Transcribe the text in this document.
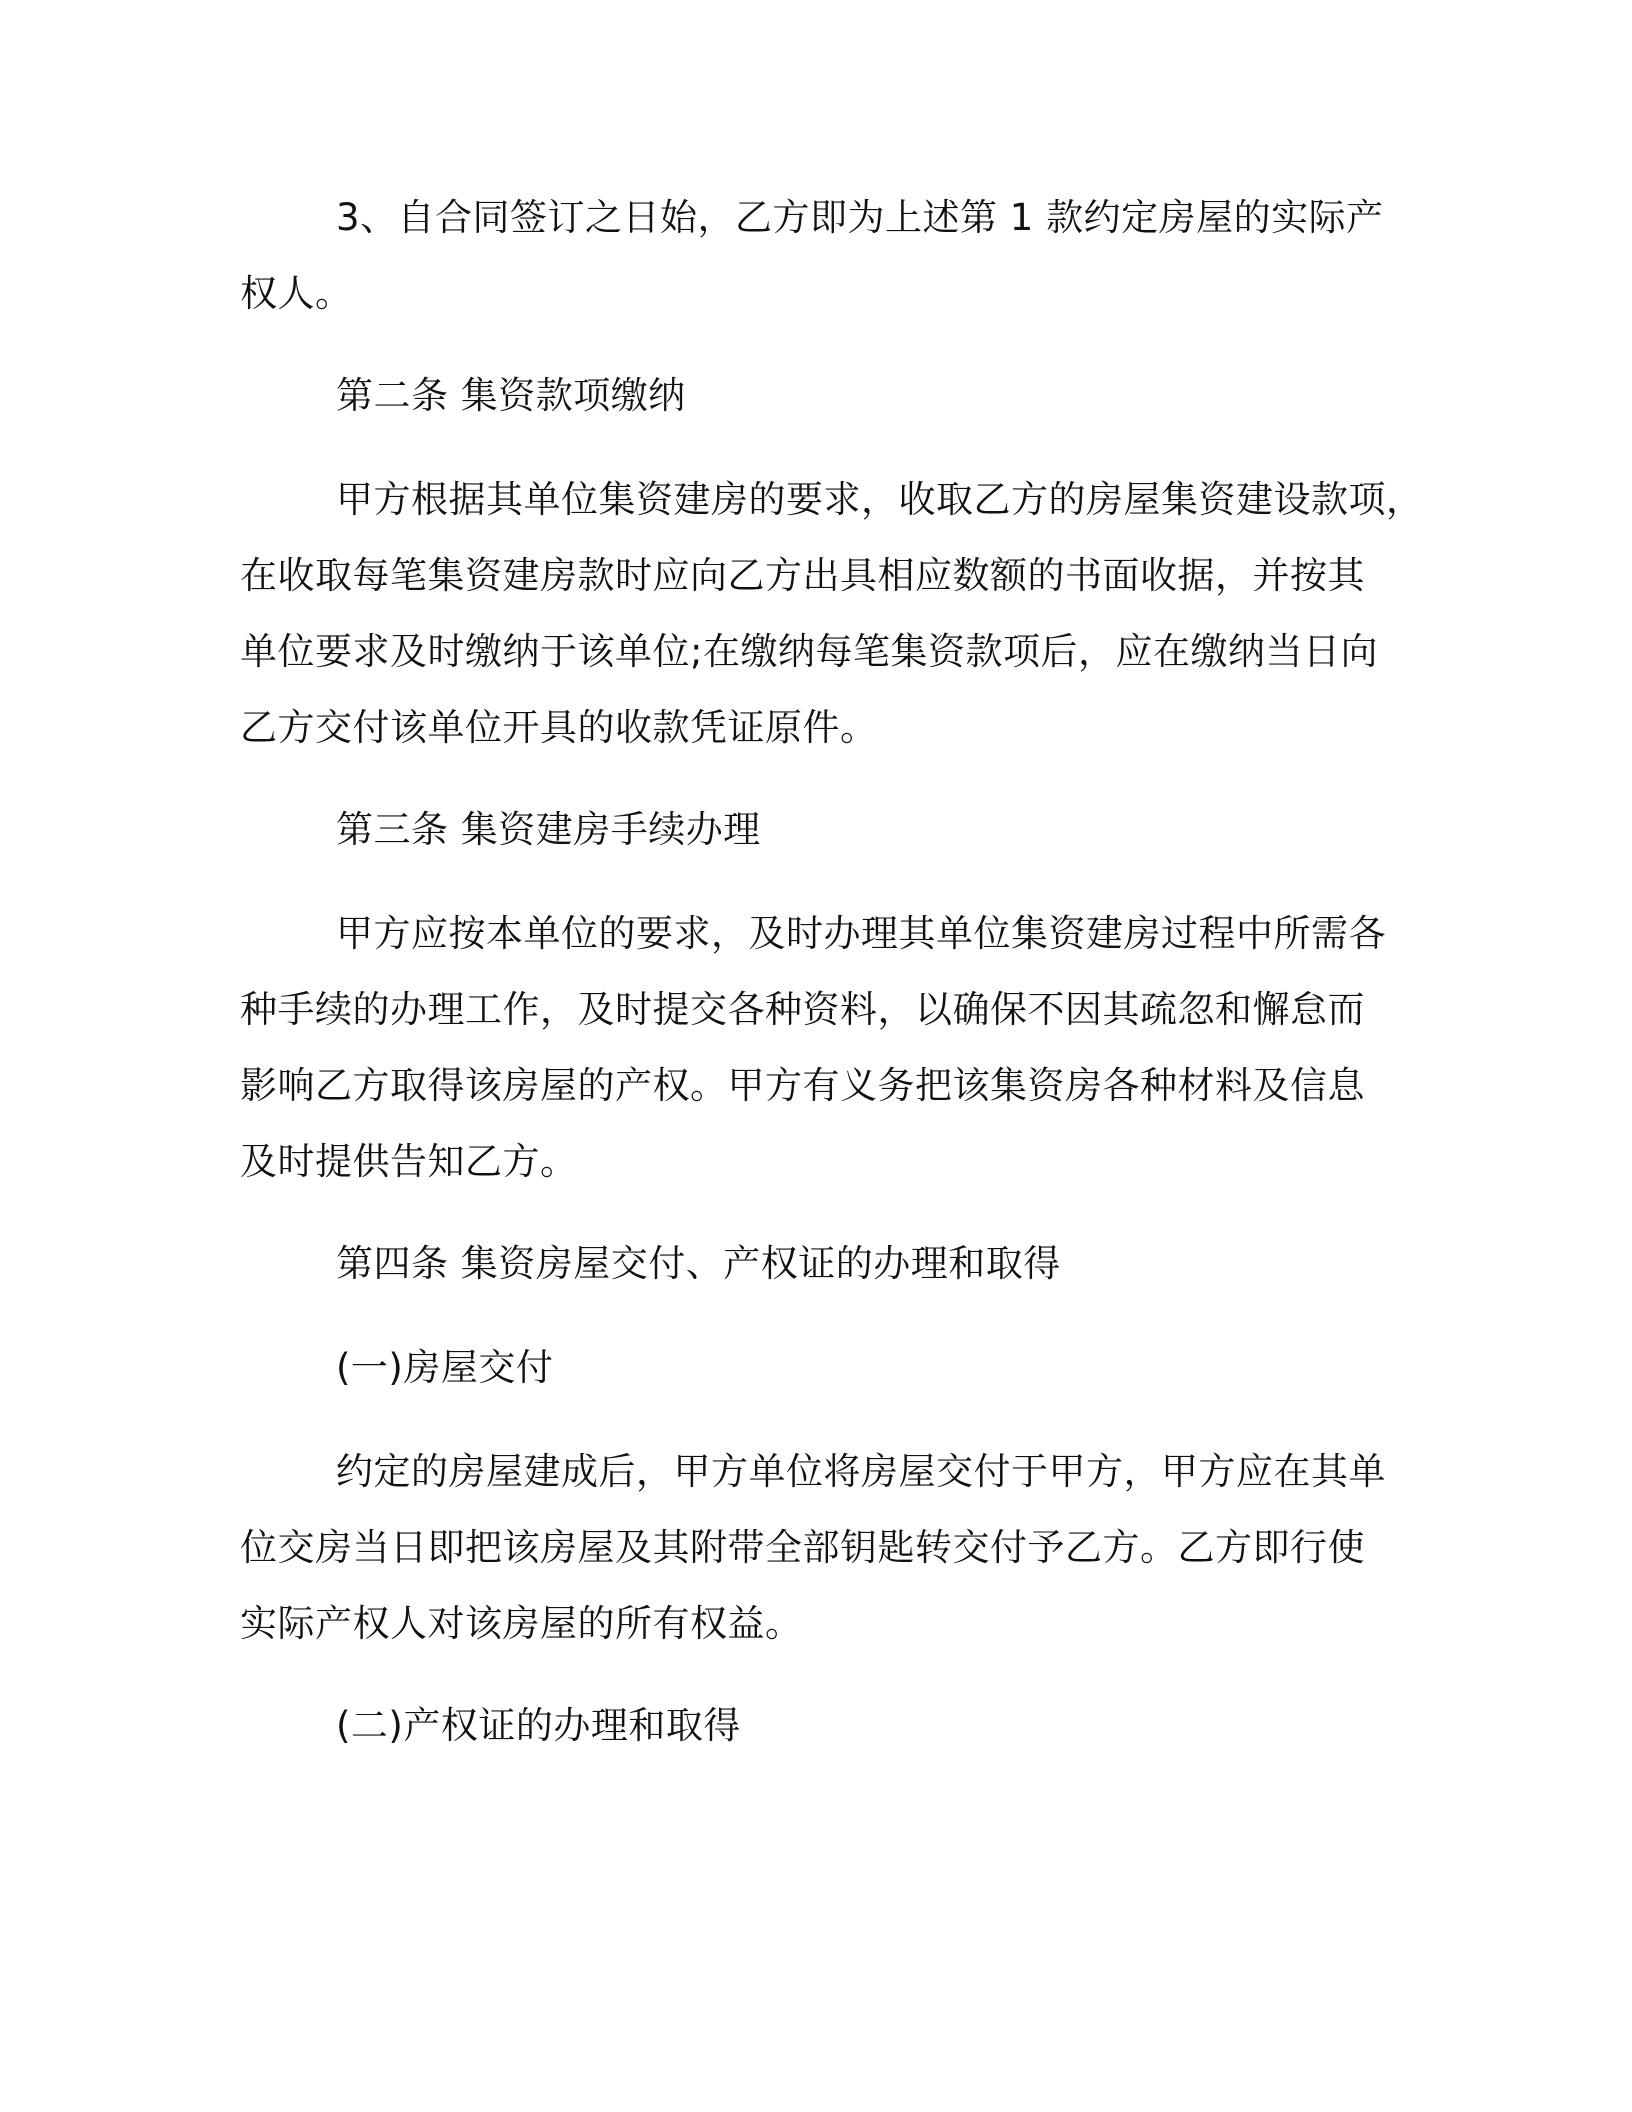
3、自合同签订之日始，乙方即为上述第 1 款约定房屋的实际产
权人。
第二条 集资款项缴纳
甲方根据其单位集资建房的要求，收取乙方的房屋集资建设款项，
在收取每笔集资建房款时应向乙方出具相应数额的书面收据，并按其
单位要求及时缴纳于该单位;在缴纳每笔集资款项后，应在缴纳当日向
乙方交付该单位开具的收款凭证原件。
第三条 集资建房手续办理
甲方应按本单位的要求，及时办理其单位集资建房过程中所需各
种手续的办理工作，及时提交各种资料，以确保不因其疏忽和懈怠而
影响乙方取得该房屋的产权。甲方有义务把该集资房各种材料及信息
及时提供告知乙方。
第四条 集资房屋交付、产权证的办理和取得
(一)房屋交付
约定的房屋建成后，甲方单位将房屋交付于甲方，甲方应在其单
位交房当日即把该房屋及其附带全部钥匙转交付予乙方。乙方即行使
实际产权人对该房屋的所有权益。
(二)产权证的办理和取得
